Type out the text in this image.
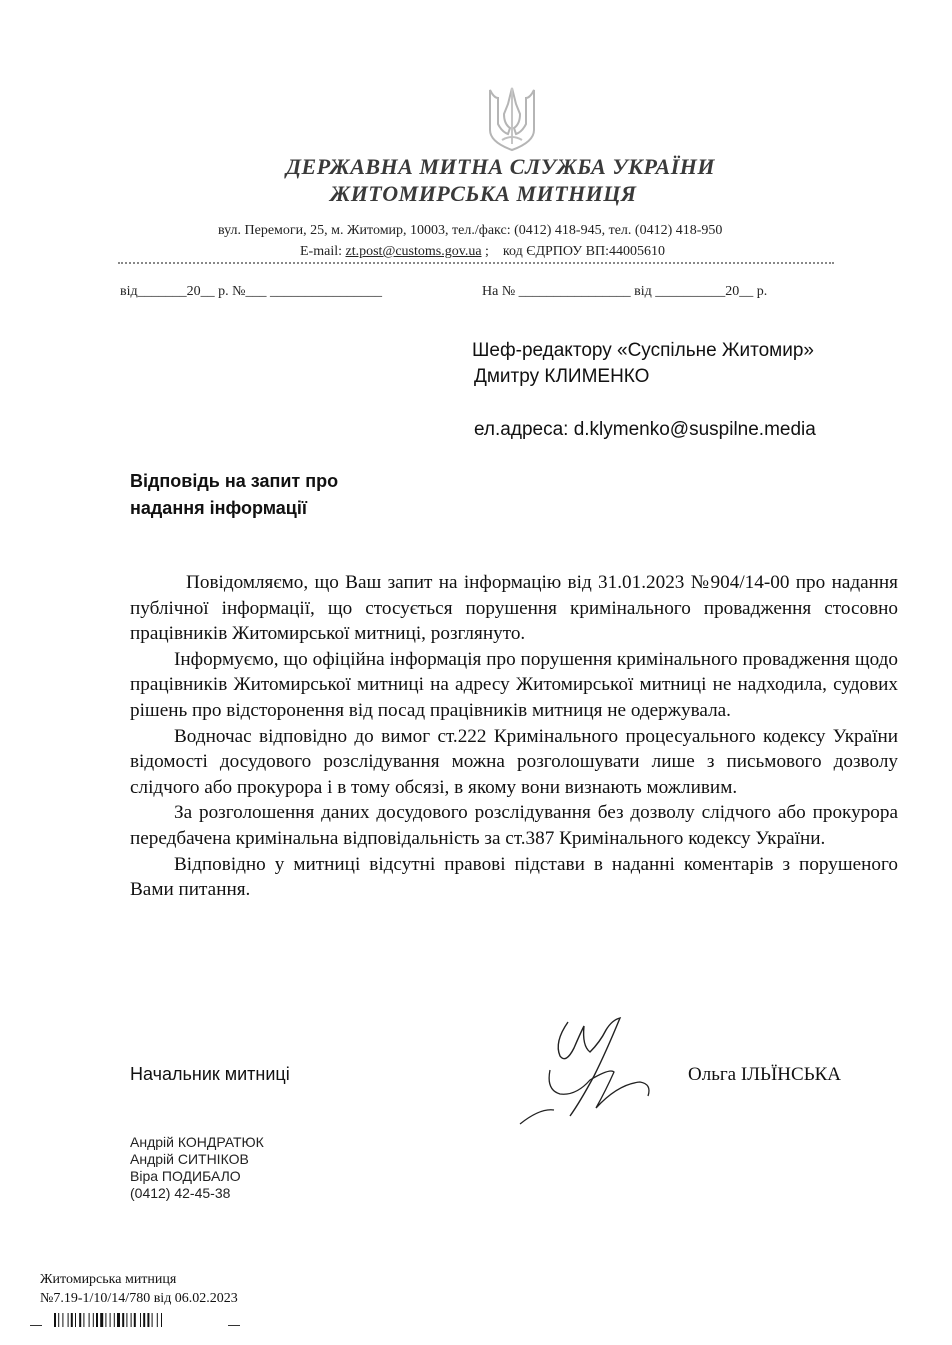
ДЕРЖАВНА МИТНА СЛУЖБА УКРАЇНИ
ЖИТОМИРСЬКА МИТНИЦЯ
вул. Перемоги, 25, м. Житомир, 10003, тел./факс: (0412) 418-945, тел. (0412) 418-950
E-mail: zt.post@customs.gov.ua ;    код ЄДРПОУ ВП:44005610
від_______20__ р. №___ ________________	На № ________________ від __________20__ р.
Шеф-редактору «Суспільне Житомир»
Дмитру КЛИМЕНКО
ел.адреса: d.klymenko@suspilne.media
Відповідь на запит про
надання інформації

Повідомляємо, що Ваш запит на інформацію від 31.01.2023 №904/14-00 про надання публічної інформації, що стосується порушення кримінального провадження стосовно працівників Житомирської митниці, розглянуто.

Інформуємо, що офіційна інформація про порушення кримінального провадження щодо працівників Житомирської митниці на адресу Житомирської митниці не надходила, судових рішень про відсторонення від посад працівників митниця не одержувала.

Водночас відповідно до вимог ст.222 Кримінального процесуального кодексу України відомості досудового розслідування можна розголошувати лише з письмового дозволу слідчого або прокурора і в тому обсязі, в якому вони визнають можливим.

За розголошення даних досудового розслідування без дозволу слідчого або прокурора передбачена кримінальна відповідальність за ст.387 Кримінального кодексу України.

Відповідно у митниці відсутні правові підстави в наданні коментарів з порушеного Вами питання.

Начальник митниці	Ольга ІЛЬЇНСЬКА
Андрій КОНДРАТЮК
Андрій СИТНІКОВ
Віра ПОДИБАЛО
(0412) 42-45-38
Житомирська митниця
№7.19-1/10/14/780 від 06.02.2023
